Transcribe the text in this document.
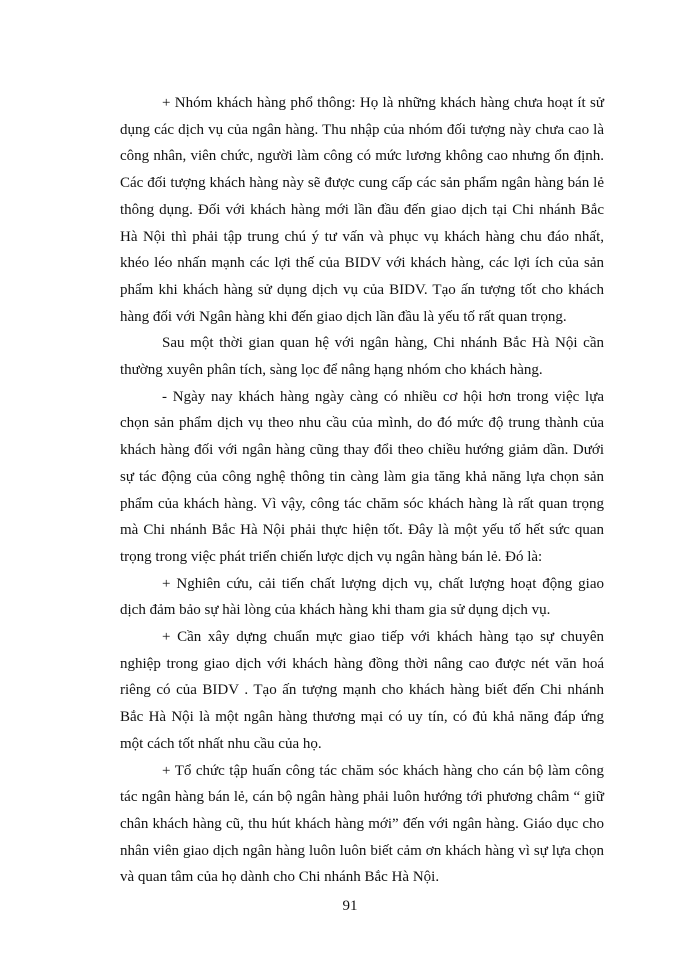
+ Nhóm khách hàng phổ thông: Họ là những khách hàng chưa hoạt ít sử dụng các dịch vụ của ngân hàng. Thu nhập của nhóm đối tượng này chưa cao là công nhân, viên chức, người làm công có mức lương không cao nhưng ổn định. Các đối tượng khách hàng này sẽ được cung cấp các sản phẩm ngân hàng bán lẻ thông dụng. Đối với khách hàng mới lần đầu đến giao dịch tại Chi nhánh Bắc Hà Nội thì phải tập trung chú ý tư vấn và phục vụ khách hàng chu đáo nhất, khéo léo nhấn mạnh các lợi thế của BIDV với khách hàng, các lợi ích của sản phẩm khi khách hàng sử dụng dịch vụ của BIDV. Tạo ấn tượng tốt cho khách hàng đối với Ngân hàng khi đến giao dịch lần đầu là yếu tố rất quan trọng.

Sau một thời gian quan hệ với ngân hàng, Chi nhánh Bắc Hà Nội cần thường xuyên phân tích, sàng lọc để nâng hạng nhóm cho khách hàng.

- Ngày nay khách hàng ngày càng có nhiều cơ hội hơn trong việc lựa chọn sản phẩm dịch vụ theo nhu cầu của mình, do đó mức độ trung thành của khách hàng đối với ngân hàng cũng thay đổi theo chiều hướng giảm dần. Dưới sự tác động của công nghệ thông tin càng làm gia tăng khả năng lựa chọn sản phẩm của khách hàng. Vì vậy, công tác chăm sóc khách hàng là rất quan trọng mà Chi nhánh Bắc Hà Nội phải thực hiện tốt. Đây là một yếu tố hết sức quan trọng trong việc phát triển chiến lược dịch vụ ngân hàng bán lẻ. Đó là:

+ Nghiên cứu, cải tiến chất lượng dịch vụ, chất lượng hoạt động giao dịch đảm bảo sự hài lòng của khách hàng khi tham gia sử dụng dịch vụ.

+ Cần xây dựng chuẩn mực giao tiếp với khách hàng tạo sự chuyên nghiệp trong giao dịch với khách hàng đồng thời nâng cao được nét văn hoá riêng có của BIDV . Tạo ấn tượng mạnh cho khách hàng biết đến Chi nhánh Bắc Hà Nội là một ngân hàng thương mại có uy tín, có đủ khả năng đáp ứng một cách tốt nhất nhu cầu của họ.

+ Tổ chức tập huấn công tác chăm sóc khách hàng cho cán bộ làm công tác ngân hàng bán lẻ, cán bộ ngân hàng phải luôn hướng tới phương châm “ giữ chân khách hàng cũ, thu hút khách hàng mới” đến với ngân hàng. Giáo dục cho nhân viên giao dịch ngân hàng luôn luôn biết cảm ơn khách hàng vì sự lựa chọn và quan tâm của họ dành cho Chi nhánh Bắc Hà Nội.

91
